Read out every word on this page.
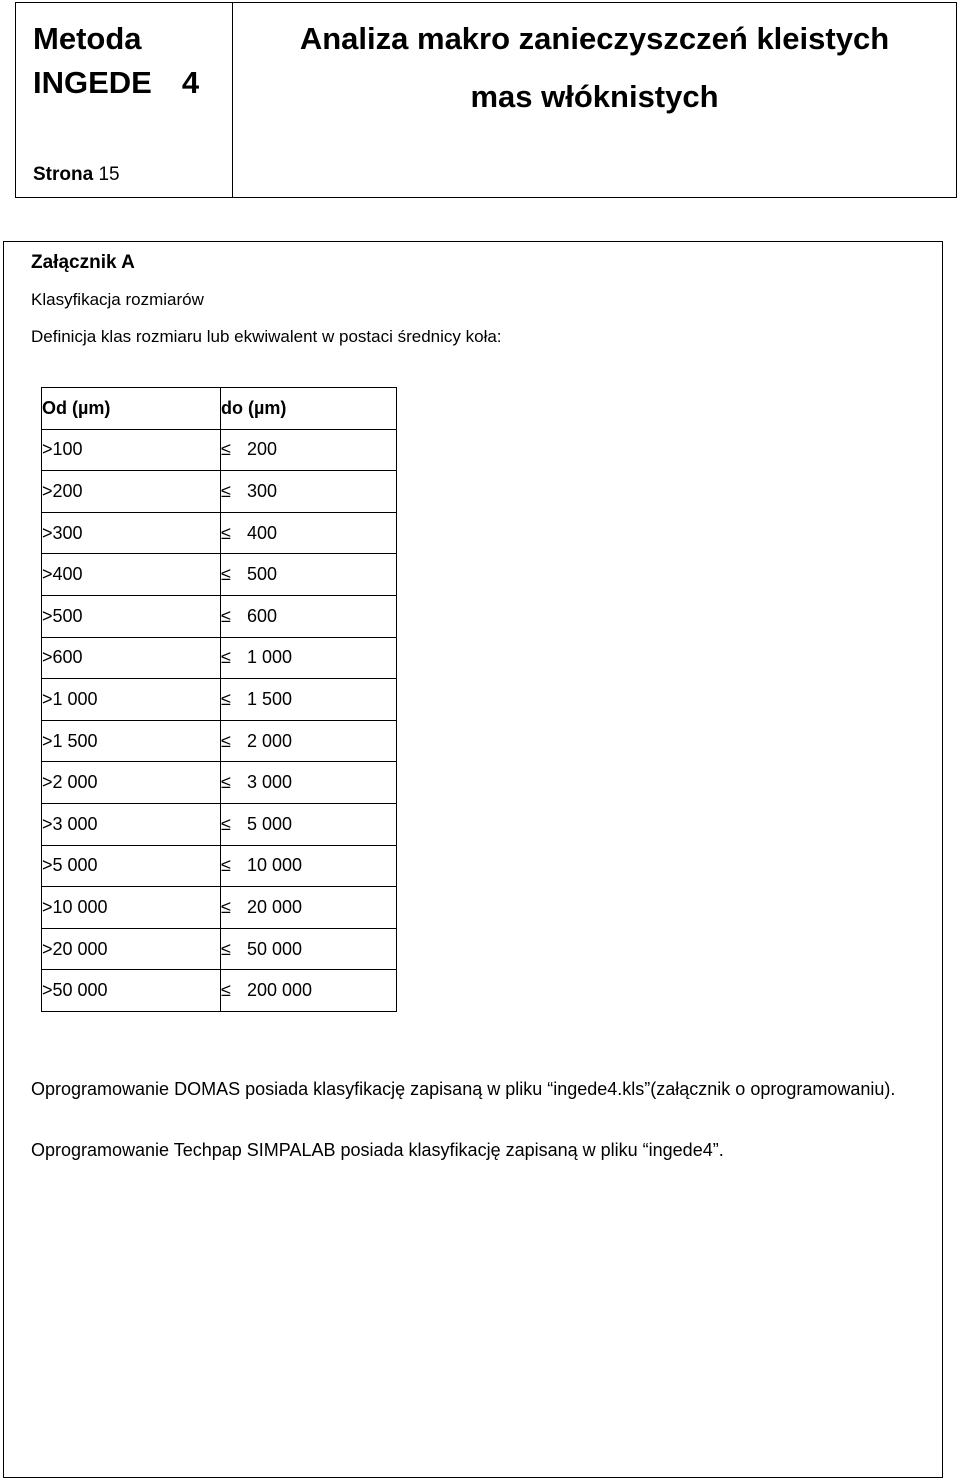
Metoda
INGEDE 4
Strona 15
Analiza makro zanieczyszczeń kleistych
mas włóknistych
Załącznik A
Klasyfikacja rozmiarów
Definicja klas rozmiaru lub ekwiwalent w postaci średnicy koła:
Od (µm)	do (µm)
>100	≤ 200
>200	≤ 300
>300	≤ 400
>400	≤ 500
>500	≤ 600
>600	≤ 1 000
>1 000	≤ 1 500
>1 500	≤ 2 000
>2 000	≤ 3 000
>3 000	≤ 5 000
>5 000	≤ 10 000
>10 000	≤ 20 000
>20 000	≤ 50 000
>50 000	≤ 200 000
Oprogramowanie DOMAS posiada klasyfikację zapisaną w pliku “ingede4.kls”(załącznik o oprogramowaniu).
Oprogramowanie Techpap SIMPALAB posiada klasyfikację zapisaną w pliku “ingede4”.
